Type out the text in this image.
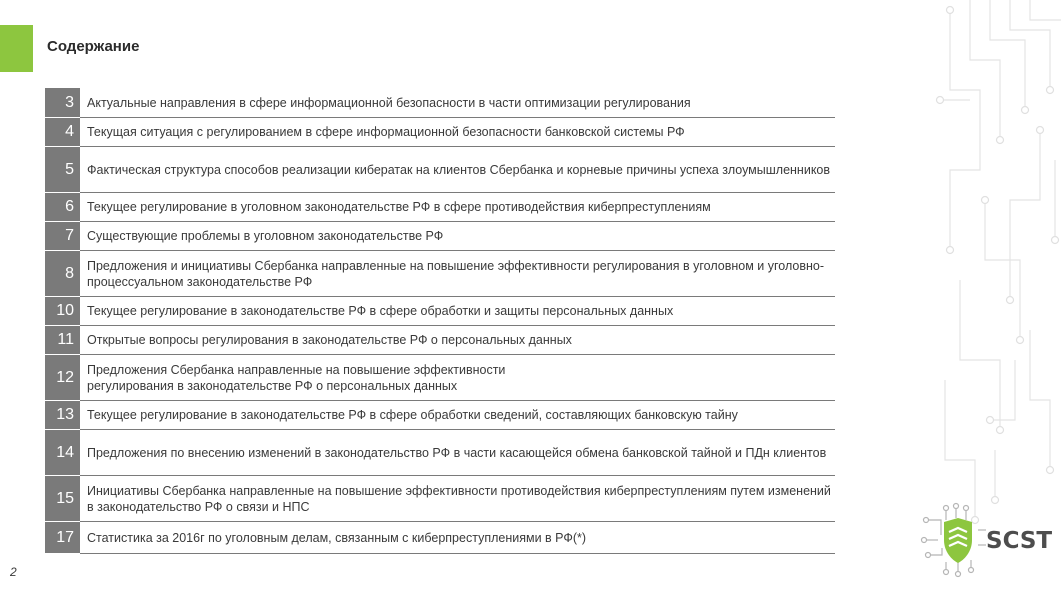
Содержание
3	Актуальные направления в сфере информационной безопасности в части оптимизации регулирования
4	Текущая ситуация с регулированием в сфере информационной безопасности банковской системы РФ
5	Фактическая структура способов реализации кибератак на клиентов Сбербанка и корневые причины успеха злоумышленников
6	Текущее регулирование в уголовном законодательстве РФ в сфере противодействия киберпреступлениям
7	Существующие проблемы в уголовном законодательстве РФ
8	Предложения и инициативы Сбербанка направленные на повышение эффективности регулирования в уголовном и уголовно-процессуальном законодательстве РФ
10	Текущее регулирование в законодательстве РФ в сфере обработки и защиты персональных данных
11	Открытые вопросы регулирования в законодательстве РФ о персональных данных
12	Предложения Сбербанка направленные на повышение эффективности регулирования в законодательстве РФ о персональных данных
13	Текущее регулирование в законодательстве РФ в сфере обработки сведений, составляющих банковскую тайну
14	Предложения по внесению изменений в законодательство РФ в части касающейся обмена банковской тайной и ПДн клиентов
15	Инициативы Сбербанка направленные на повышение эффективности противодействия киберпреступлениям путем изменений в законодательство РФ о связи и НПС
17	Статистика за 2016г по уголовным делам, связанным с киберпреступлениями в РФ(*)
2
SCST
